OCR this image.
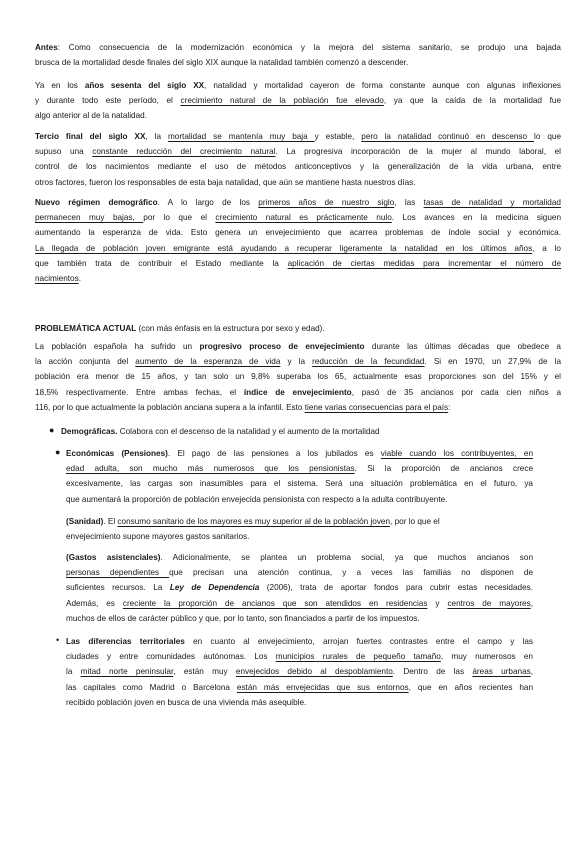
Antes: Como consecuencia de la modernización económica y la mejora del sistema sanitario, se produjo una bajada
brusca de la mortalidad desde finales del siglo XIX aunque la natalidad también comenzó a descender.
Ya en los años sesenta del siglo XX, natalidad y mortalidad cayeron de forma constante aunque con algunas inflexiones
y durante todo este período, el crecimiento natural de la población fue elevado, ya que la caída de la mortalidad fue
algo anterior al de la natalidad.
Tercio final del siglo XX, la mortalidad se mantenía muy baja y estable, pero la natalidad continuó en descenso lo que
supuso una constante reducción del crecimiento natural. La progresiva incorporación de la mujer al mundo laboral, el
control de los nacimientos mediante el uso de métodos anticonceptivos y la generalización de la vida urbana, entre
otros factores, fueron los responsables de esta baja natalidad, que aún se mantiene hasta nuestros días.
Nuevo régimen demográfico. A lo largo de los primeros años de nuestro siglo, las tasas de natalidad y mortalidad
permanecen muy bajas, por lo que el crecimiento natural es prácticamente nulo. Los avances en la medicina siguen
aumentando la esperanza de vida. Esto genera un envejecimiento que acarrea problemas de índole social y económica.
La llegada de población joven emigrante está ayudando a recuperar ligeramente la natalidad en los últimos años, a lo
que también trata de contribuir el Estado mediante la aplicación de ciertas medidas para incrementar el número de
nacimientos.
PROBLEMÁTICA ACTUAL (con más énfasis en la estructura por sexo y edad).
La población española ha sufrido un progresivo proceso de envejecimiento durante las últimas décadas que obedece a
la acción conjunta del aumento de la esperanza de vida y la reducción de la fecundidad. Si en 1970, un 27,9% de la
población era menor de 15 años, y tan solo un 9,8% superaba los 65, actualmente esas proporciones son del 15% y el
18,5% respectivamente. Entre ambas fechas, el índice de envejecimiento, pasó de 35 ancianos por cada cien niños a
116, por lo que actualmente la población anciana supera a la infantil. Esto tiene varias consecuencias para el país:
● Demográficas. Colabora con el descenso de la natalidad y el aumento de la mortalidad
● Económicas (Pensiones). El pago de las pensiones a los jubilados es viable cuando los contribuyentes, en
edad adulta, son mucho más numerosos que los pensionistas. Si la proporción de ancianos crece
excesivamente, las cargas son inasumibles para el sistema. Será una situación problemática en el futuro, ya
que aumentará la proporción de población envejecida pensionista con respecto a la adulta contribuyente.
(Sanidad). El consumo sanitario de los mayores es muy superior al de la población joven, por lo que el
envejecimiento supone mayores gastos sanitarios.
(Gastos asistenciales). Adicionalmente, se plantea un problema social, ya que muchos ancianos son
personas dependientes que precisan una atención continua, y a veces las familias no disponen de
suficientes recursos. La Ley de Dependencia (2006), trata de aportar fondos para cubrir estas necesidades.
Además, es creciente la proporción de ancianos que son atendidos en residencias y centros de mayores,
muchos de ellos de carácter público y que, por lo tanto, son financiados a partir de los impuestos.
• Las diferencias territoriales en cuanto al envejecimiento, arrojan fuertes contrastes entre el campo y las
ciudades y entre comunidades autónomas. Los municipios rurales de pequeño tamaño, muy numerosos en
la mitad norte peninsular, están muy envejecidos debido al despoblamiento. Dentro de las áreas urbanas,
las capitales como Madrid o Barcelona están más envejecidas que sus entornos, que en años recientes han
recibido población joven en busca de una vivienda más asequible.
